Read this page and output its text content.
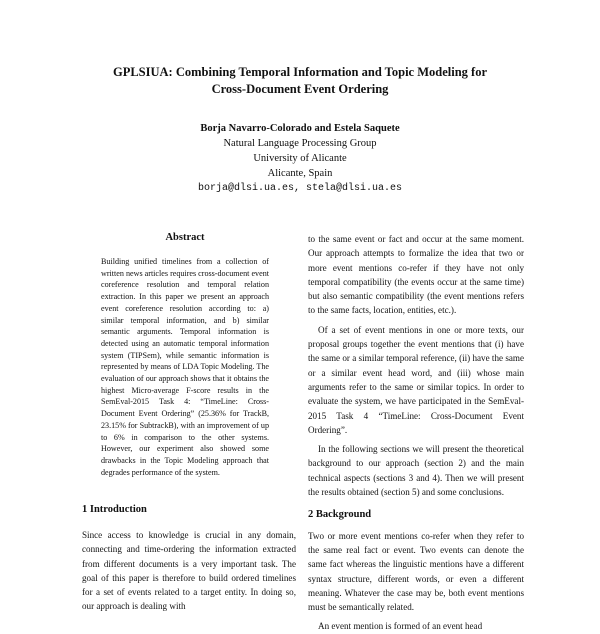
GPLSIUA: Combining Temporal Information and Topic Modeling for
Cross-Document Event Ordering
Borja Navarro-Colorado and Estela Saquete
Natural Language Processing Group
University of Alicante
Alicante, Spain
borja@dlsi.ua.es, stela@dlsi.ua.es
Abstract
Building unified timelines from a collection of written news articles requires cross-document event coreference resolution and temporal relation extraction. In this paper we present an approach event coreference resolution according to: a) similar temporal information, and b) similar semantic arguments. Temporal information is detected using an automatic temporal information system (TIPSem), while semantic information is represented by means of LDA Topic Modeling. The evaluation of our approach shows that it obtains the highest Micro-average F-score results in the SemEval-2015 Task 4: “TimeLine: Cross-Document Event Ordering” (25.36% for TrackB, 23.15% for SubtrackB), with an improvement of up to 6% in comparison to the other systems. However, our experiment also showed some drawbacks in the Topic Modeling approach that degrades performance of the system.
1 Introduction

Since access to knowledge is crucial in any domain, connecting and time-ordering the information extracted from different documents is a very important task. The goal of this paper is therefore to build ordered timelines for a set of events related to a target entity. In doing so, our approach is dealing with

to the same event or fact and occur at the same moment. Our approach attempts to formalize the idea that two or more event mentions co-refer if they have not only temporal compatibility (the events occur at the same time) but also semantic compatibility (the event mentions refers to the same facts, location, entities, etc.).

Of a set of event mentions in one or more texts, our proposal groups together the event mentions that (i) have the same or a similar temporal reference, (ii) have the same or a similar event head word, and (iii) whose main arguments refer to the same or similar topics. In order to evaluate the system, we have participated in the SemEval-2015 Task 4 “TimeLine: Cross-Document Event Ordering”.

In the following sections we will present the theoretical background to our approach (section 2) and the main technical aspects (sections 3 and 4). Then we will present the results obtained (section 5) and some conclusions.

2 Background

Two or more event mentions co-refer when they refer to the same real fact or event. Two events can denote the same fact whereas the linguistic mentions have a different syntax structure, different words, or even a different meaning. Whatever the case may be, both event mentions must be semantically related.

An event mention is formed of an event head
